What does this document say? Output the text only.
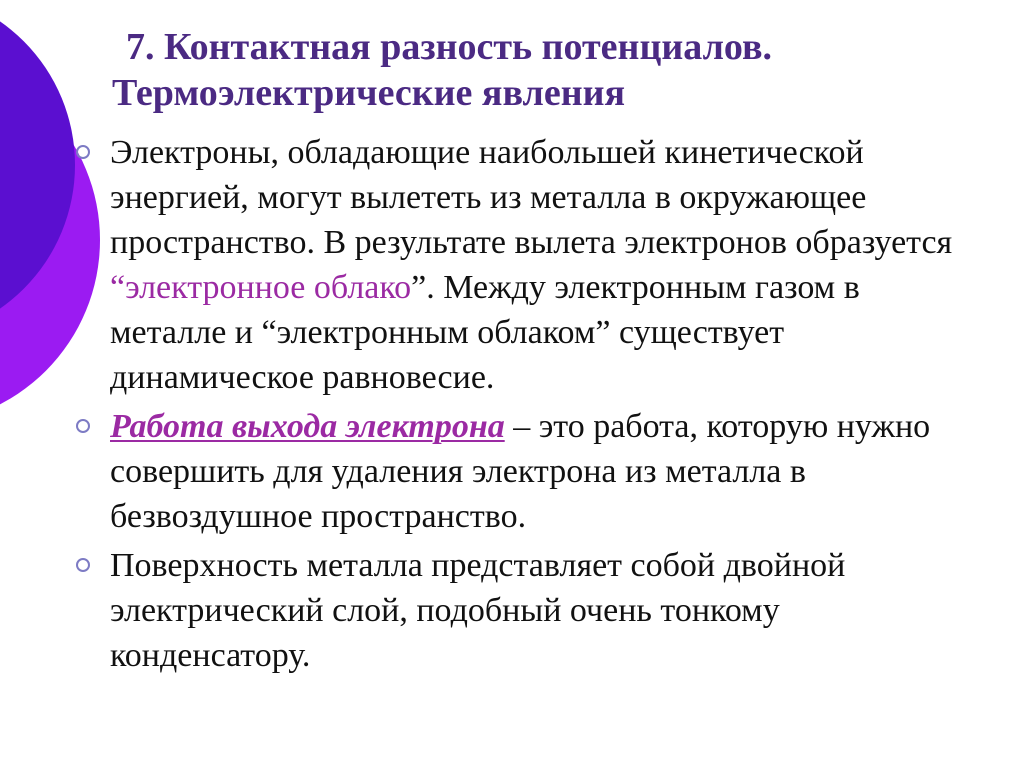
7. Контактная разность потенциалов.
Термоэлектрические явления
Электроны, обладающие наибольшей кинетической энергией, могут вылететь из металла в окружающее пространство. В результате вылета электронов образуется “электронное облако”. Между электронным газом в металле и “электронным облаком” существует динамическое равновесие.
Работа выхода электрона – это работа, которую нужно совершить для удаления электрона из металла в безвоздушное пространство.
Поверхность металла представляет собой двойной электрический слой, подобный очень тонкому конденсатору.
